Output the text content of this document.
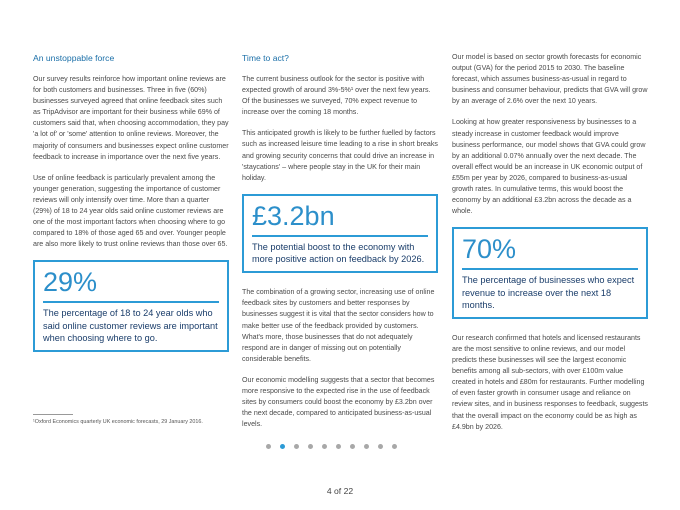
An unstoppable force

Our survey results reinforce how important online reviews are for both customers and businesses. Three in five (60%) businesses surveyed agreed that online feedback sites such as TripAdvisor are important for their business while 69% of customers said that, when choosing accommodation, they pay 'a lot of' or 'some' attention to online reviews. Moreover, the majority of consumers and businesses expect online customer feedback to increase in importance over the next five years.

Use of online feedback is particularly prevalent among the younger generation, suggesting the importance of customer reviews will only intensify over time. More than a quarter (29%) of 18 to 24 year olds said online customer reviews are one of the most important factors when choosing where to go compared to 18% of those aged 65 and over. Younger people are also more likely to trust online reviews than those over 65.

29%
The percentage of 18 to 24 year olds who said online customer reviews are important when choosing where to go.
Time to act?

The current business outlook for the sector is positive with expected growth of around 3%-5%¹ over the next few years. Of the businesses we surveyed, 70% expect revenue to increase over the coming 18 months.

This anticipated growth is likely to be further fuelled by factors such as increased leisure time leading to a rise in short breaks and growing security concerns that could drive an increase in 'staycations' – where people stay in the UK for their main holiday.

£3.2bn
The potential boost to the economy with more positive action on feedback by 2026.

The combination of a growing sector, increasing use of online feedback sites by customers and better responses by businesses suggest it is vital that the sector considers how to make better use of the feedback provided by customers. What's more, those businesses that do not adequately respond are in danger of missing out on potentially considerable benefits.

Our economic modelling suggests that a sector that becomes more responsive to the expected rise in the use of feedback sites by consumers could boost the economy by £3.2bn over the next decade, compared to anticipated business-as-usual levels.

Our model is based on sector growth forecasts for economic output (GVA) for the period 2015 to 2030. The baseline forecast, which assumes business-as-usual in regard to business and consumer behaviour, predicts that GVA will grow by an average of 2.6% over the next 10 years.

Looking at how greater responsiveness by businesses to a steady increase in customer feedback would improve business performance, our model shows that GVA could grow by an additional 0.07% annually over the next decade. The overall effect would be an increase in UK economic output of £55m per year by 2026, compared to business-as-usual growth rates. In cumulative terms, this would boost the economy by an additional £3.2bn across the decade as a whole.

70%
The percentage of businesses who expect revenue to increase over the next 18 months.

Our research confirmed that hotels and licensed restaurants are the most sensitive to online reviews, and our model predicts these businesses will see the largest economic benefits among all sub-sectors, with over £100m value created in hotels and £80m for restaurants. Further modelling of even faster growth in consumer usage and reliance on review sites, and in business responses to feedback, suggests that the overall impact on the economy could be as high as £4.9bn by 2026.

¹Oxford Economics quarterly UK economic forecasts, 29 January 2016.
4 of 22
